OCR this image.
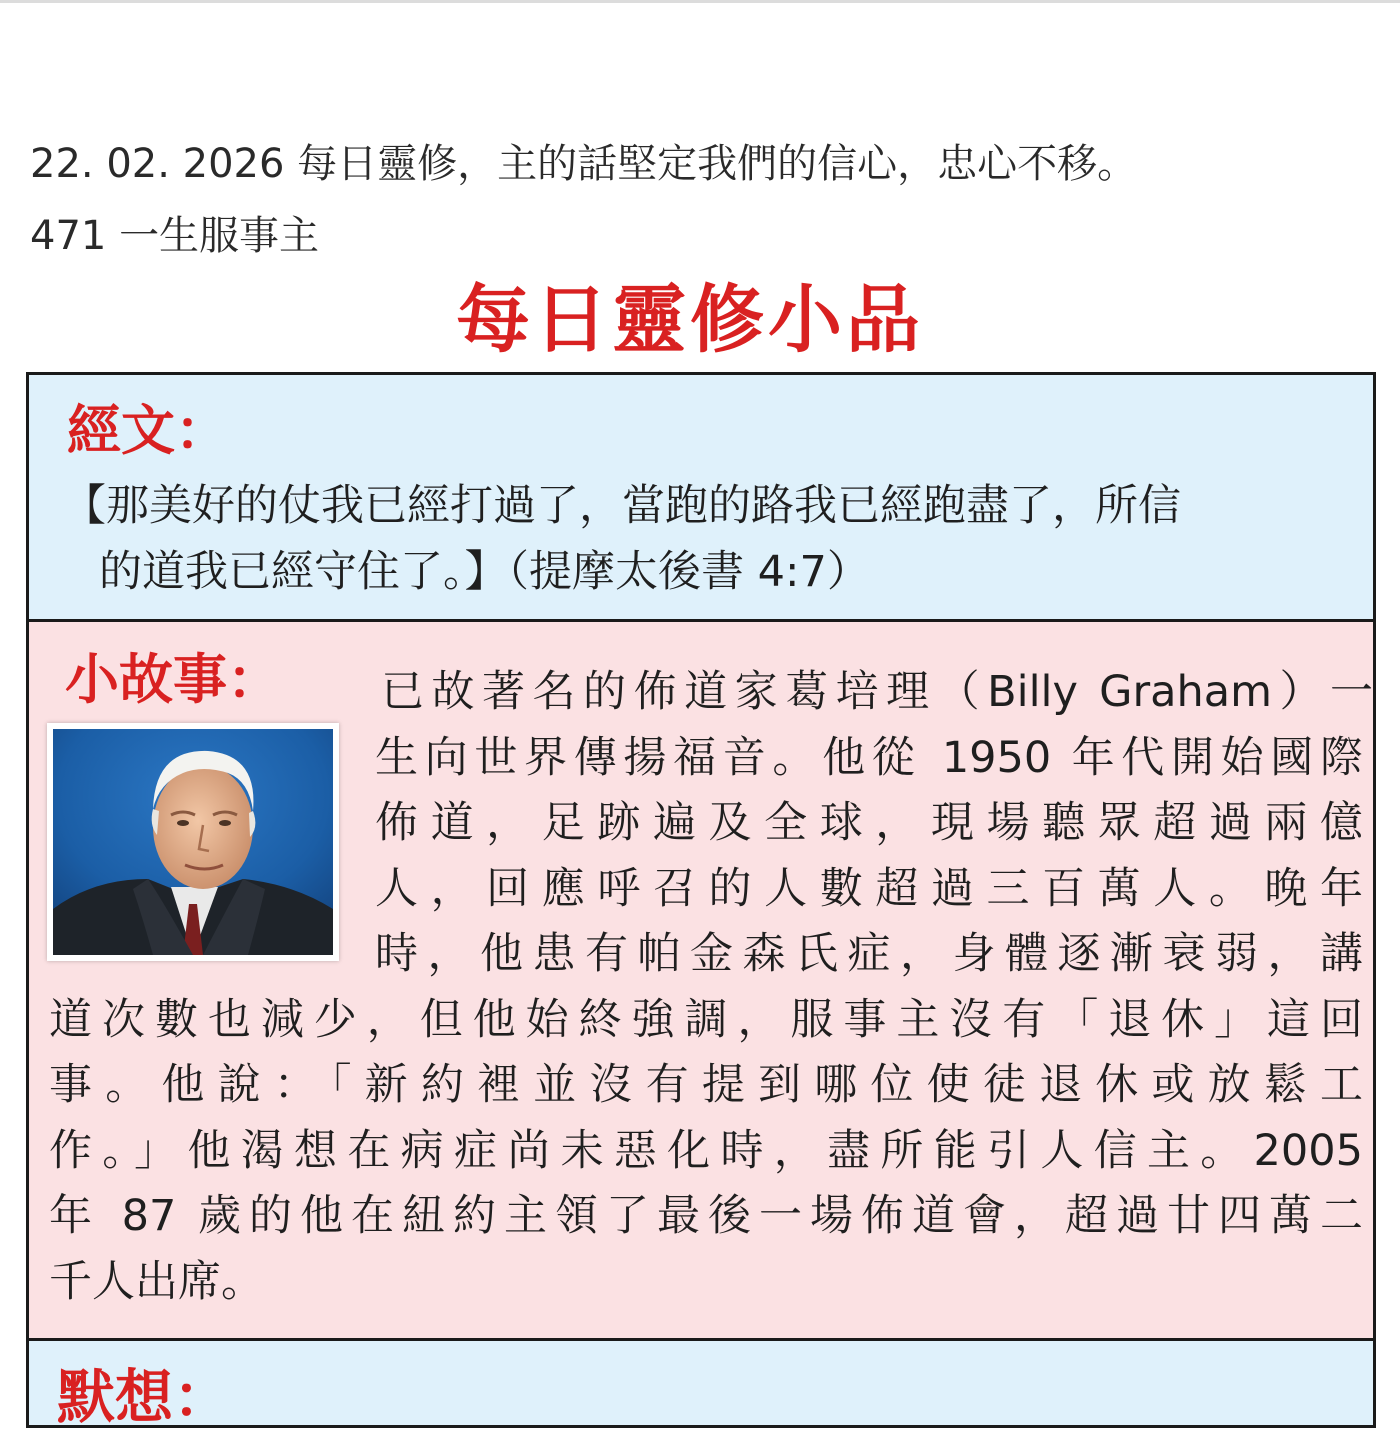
22. 02. 2026 每日靈修，主的話堅定我們的信心，忠心不移。
471 一生服事主
每日靈修小品
經文：
【那美好的仗我已經打過了，當跑的路我已經跑盡了，所信
的道我已經守住了。】（提摩太後書 4:7）
已故著名的佈道家葛培理（Billy Graham）一
生向世界傳揚福音。他從 1950 年代開始國際
佈道，足跡遍及全球，現場聽眾超過兩億
人，回應呼召的人數超過三百萬人。晚年
時，他患有帕金森氏症，身體逐漸衰弱，講
道次數也減少，但他始終強調，服事主沒有「退休」這回
事。他說：「新約裡並沒有提到哪位使徒退休或放鬆工
作。」他渴想在病症尚未惡化時，盡所能引人信主。2005
年 87 歲的他在紐約主領了最後一場佈道會，超過廿四萬二
千人出席。
小故事：
默想：
